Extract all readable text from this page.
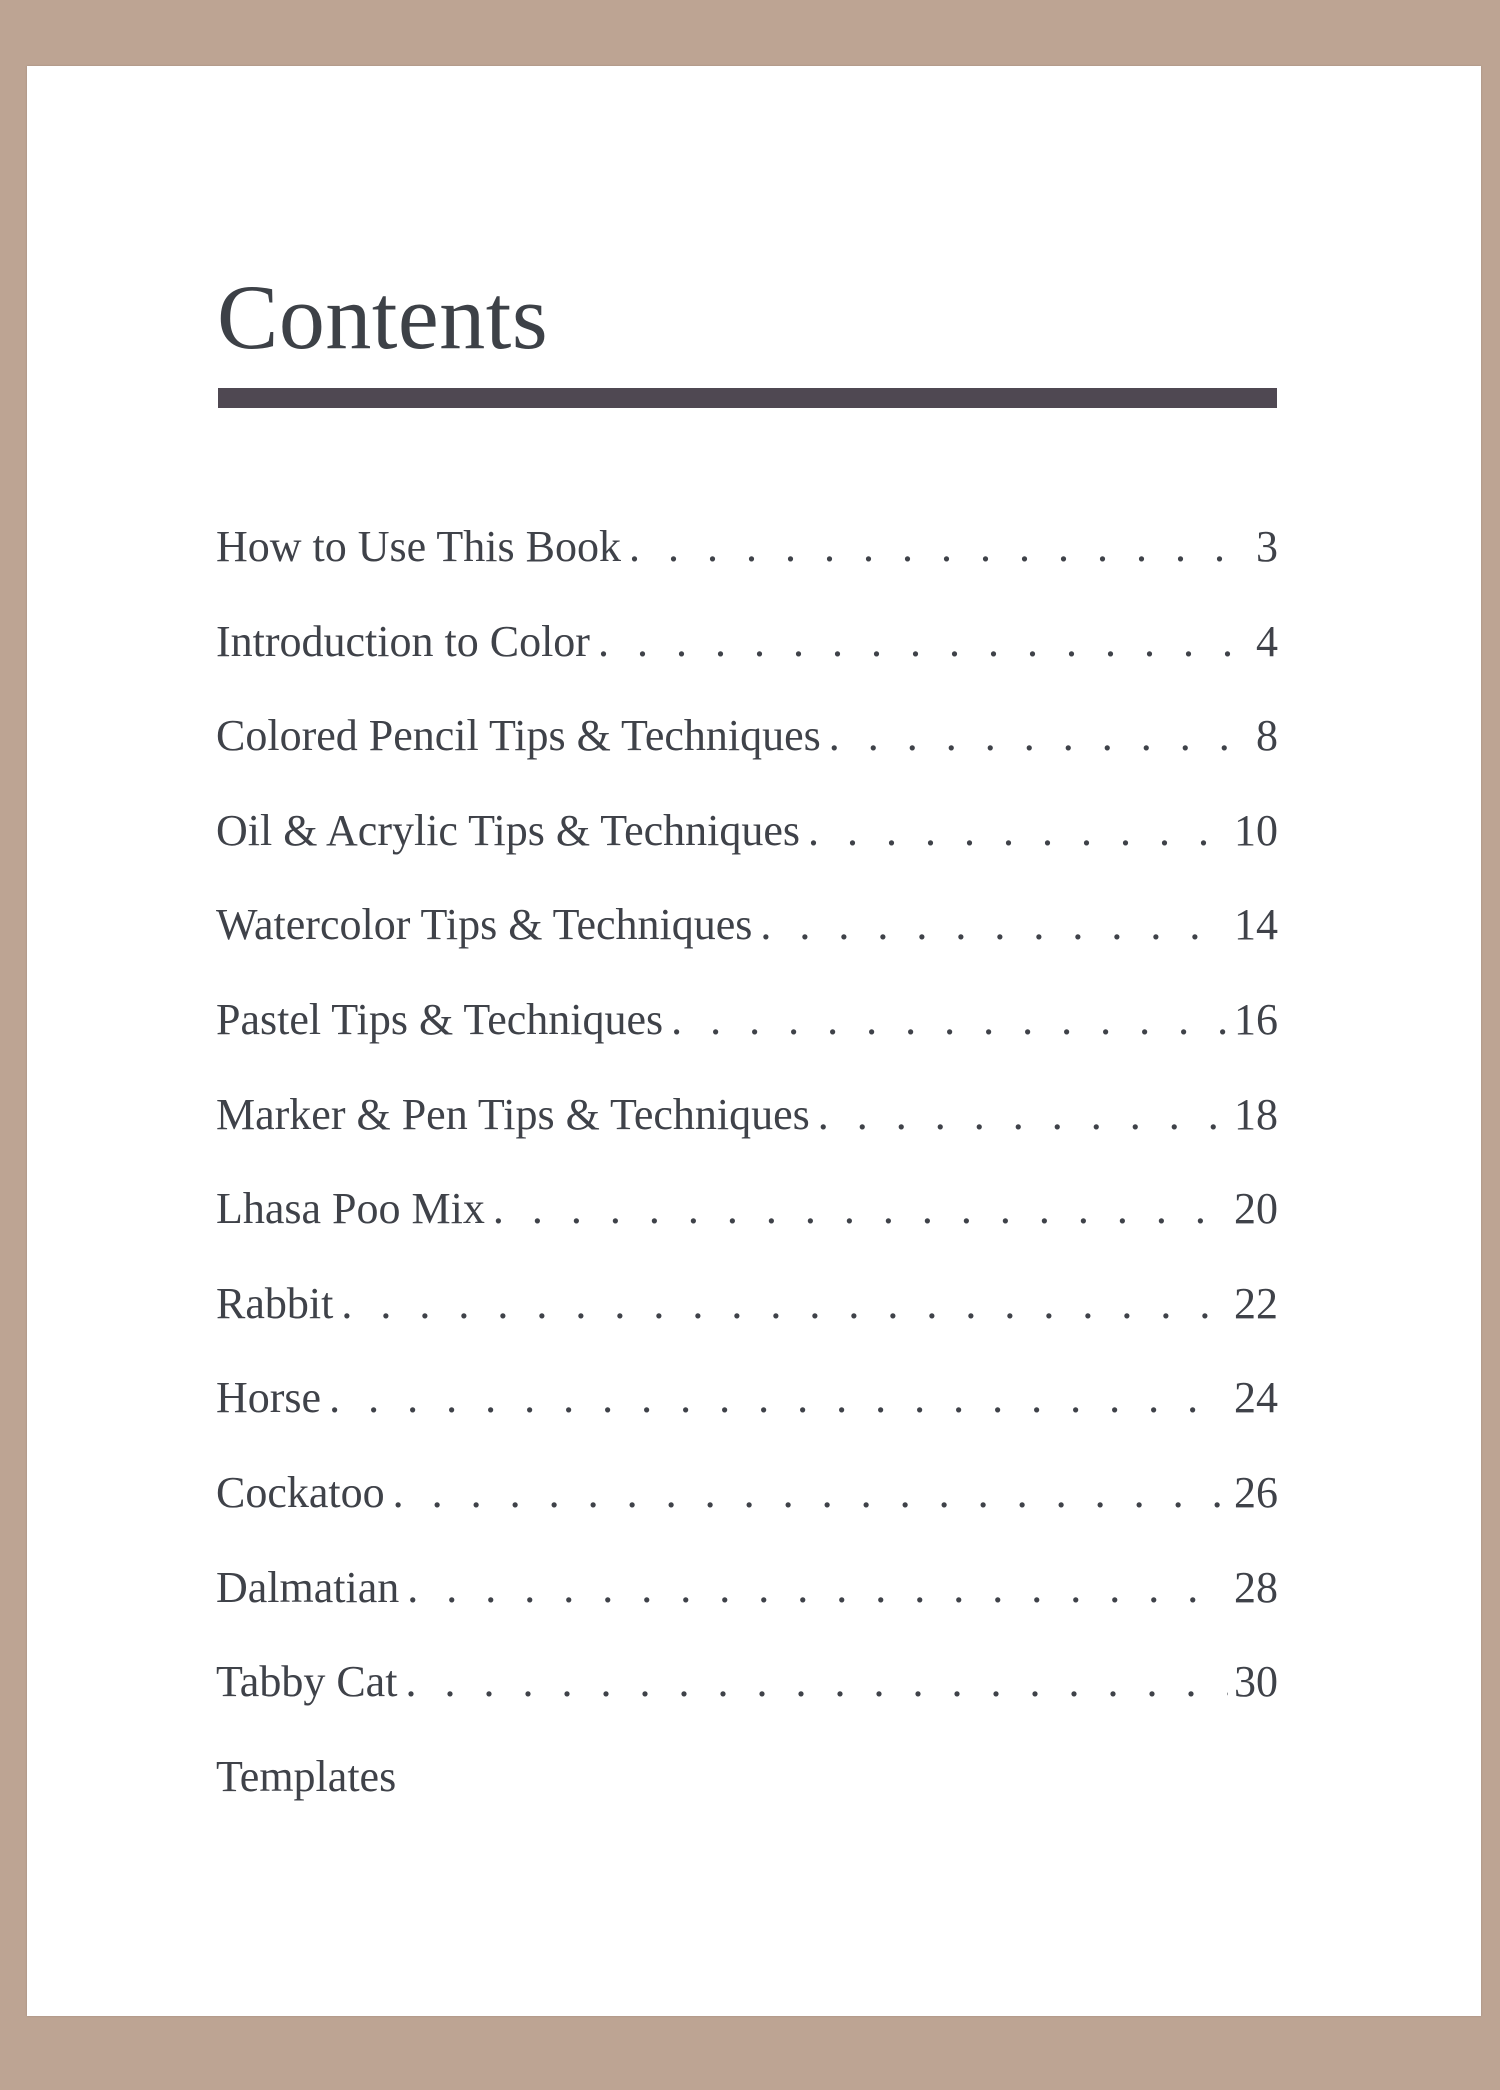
Contents
How to Use This Book . . .	3
Introduction to Color . . .	4
Colored Pencil Tips & Techniques . . .	8
Oil & Acrylic Tips & Techniques . . .	10
Watercolor Tips & Techniques . . .	14
Pastel Tips & Techniques . . .	16
Marker & Pen Tips & Techniques . . .	18
Lhasa Poo Mix . . .	20
Rabbit . . .	22
Horse . . .	24
Cockatoo . . .	26
Dalmatian . . .	28
Tabby Cat . . .	30
Templates
